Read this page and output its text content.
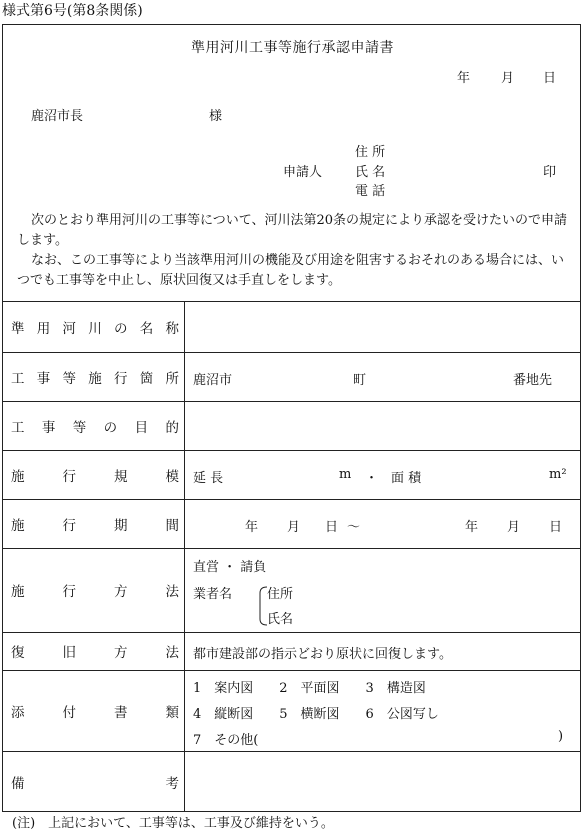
様式第6号(第8条関係)
準用河川工事等施行承認申請書
年 月 日
鹿沼市長	様
住 所
申請人	氏 名	印
電 話
次のとおり準用河川の工事等について、河川法第20条の規定により承認を受けたいので申請します。
なお、この工事等により当該準用河川の機能及び用途を阻害するおそれのある場合には、いつでも工事等を中止し、原状回復又は手直しをします。
準 用 河 川 の 名 称
工 事 等 施 行 箇 所 鹿沼市	町	番地先
工 事 等 の 目 的
施	行	規	模 延 長	m ・ 面 積	m²
施	行	期	間	年 月 日 〜	年 月 日
施	行	方	法
直営 ・ 請負
業者名	住所
氏名
復	旧	方	法 都市建設部の指示どおり原状に回復します。
添	付	書	類
1　案内図　　2　平面図　　3　構造図
4　縦断図　　5　横断図　　6　公図写し
7　その他(	)
備	考
(注)　上記において、工事等は、工事及び維持をいう。
